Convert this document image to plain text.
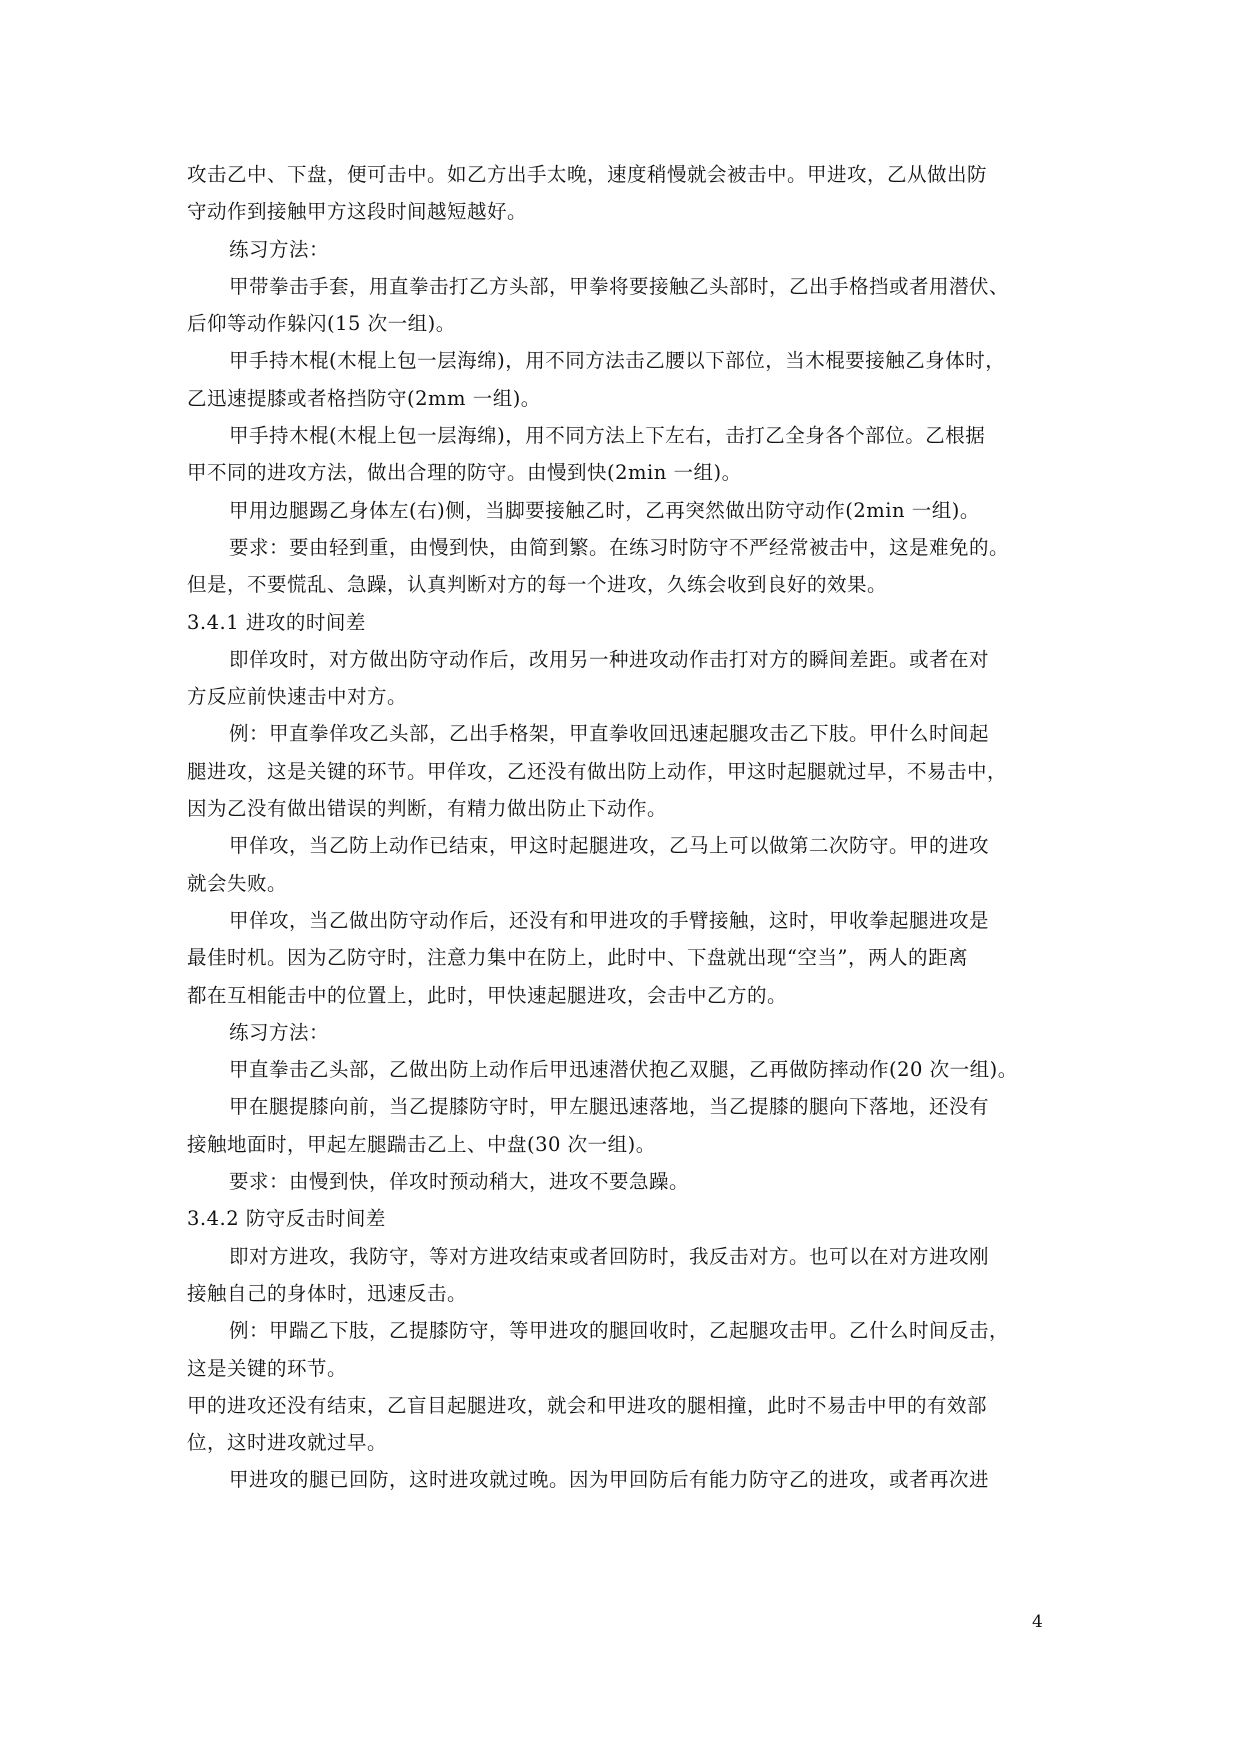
攻击乙中、下盘，便可击中。如乙方出手太晚，速度稍慢就会被击中。甲进攻，乙从做出防
守动作到接触甲方这段时间越短越好。
练习方法：
甲带拳击手套，用直拳击打乙方头部，甲拳将要接触乙头部时，乙出手格挡或者用潜伏、
后仰等动作躲闪(15 次一组)。
甲手持木棍(木棍上包一层海绵)，用不同方法击乙腰以下部位，当木棍要接触乙身体时，
乙迅速提膝或者格挡防守(2mm 一组)。
甲手持木棍(木棍上包一层海绵)，用不同方法上下左右，击打乙全身各个部位。乙根据
甲不同的进攻方法，做出合理的防守。由慢到快(2min 一组)。
甲用边腿踢乙身体左(右)侧，当脚要接触乙时，乙再突然做出防守动作(2min 一组)。
要求：要由轻到重，由慢到快，由简到繁。在练习时防守不严经常被击中，这是难免的。
但是，不要慌乱、急躁，认真判断对方的每一个进攻，久练会收到良好的效果。
3.4.1 进攻的时间差
即佯攻时，对方做出防守动作后，改用另一种进攻动作击打对方的瞬间差距。或者在对
方反应前快速击中对方。
例：甲直拳佯攻乙头部，乙出手格架，甲直拳收回迅速起腿攻击乙下肢。甲什么时间起
腿进攻，这是关键的环节。甲佯攻，乙还没有做出防上动作，甲这时起腿就过早，不易击中，
因为乙没有做出错误的判断，有精力做出防止下动作。
甲佯攻，当乙防上动作已结束，甲这时起腿进攻，乙马上可以做第二次防守。甲的进攻
就会失败。
甲佯攻，当乙做出防守动作后，还没有和甲进攻的手臂接触，这时，甲收拳起腿进攻是
最佳时机。因为乙防守时，注意力集中在防上，此时中、下盘就出现“空当”，两人的距离
都在互相能击中的位置上，此时，甲快速起腿进攻，会击中乙方的。
练习方法：
甲直拳击乙头部，乙做出防上动作后甲迅速潜伏抱乙双腿，乙再做防摔动作(20 次一组)。
甲在腿提膝向前，当乙提膝防守时，甲左腿迅速落地，当乙提膝的腿向下落地，还没有
接触地面时，甲起左腿踹击乙上、中盘(30 次一组)。
要求：由慢到快，佯攻时预动稍大，进攻不要急躁。
3.4.2 防守反击时间差
即对方进攻，我防守，等对方进攻结束或者回防时，我反击对方。也可以在对方进攻刚
接触自己的身体时，迅速反击。
例：甲踹乙下肢，乙提膝防守，等甲进攻的腿回收时，乙起腿攻击甲。乙什么时间反击，
这是关键的环节。
甲的进攻还没有结束，乙盲目起腿进攻，就会和甲进攻的腿相撞，此时不易击中甲的有效部
位，这时进攻就过早。
甲进攻的腿已回防，这时进攻就过晚。因为甲回防后有能力防守乙的进攻，或者再次进
4
